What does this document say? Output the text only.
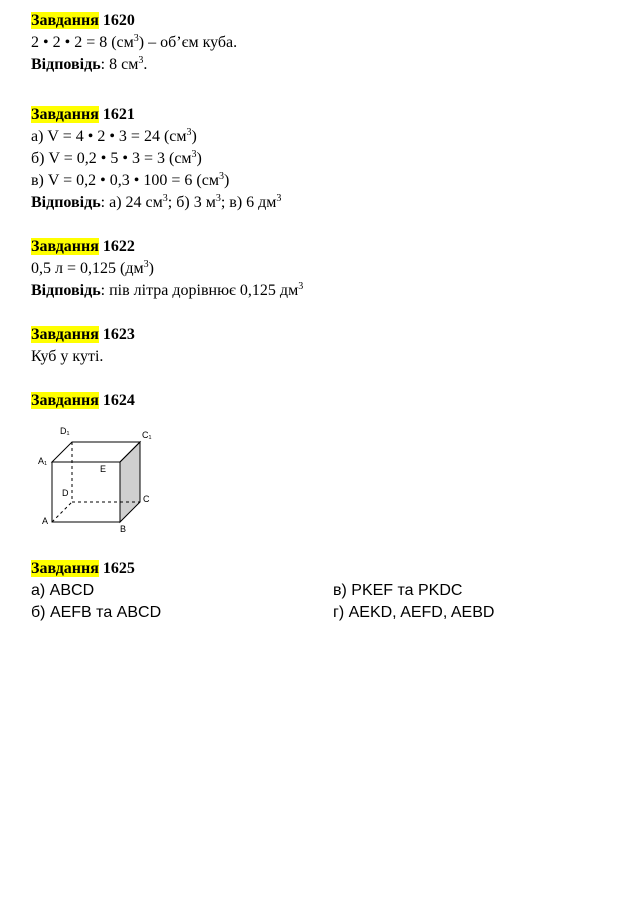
Завдання 1620
2 • 2 • 2 = 8 $(см^3)$ – об’єм куба.
Відповідь: 8 $см^3$.
Завдання 1621
а) V = 4 • 2 • 3 = 24 $(см^3)$
б) V = 0,2 • 5 • 3 = 3 $(см^3)$
в) V = 0,2 • 0,3 • 100 = 6 $(см^3)$
Відповідь: а) 24 $см^3$; б) 3 $м^3$; в) 6 $дм^3$
Завдання 1622
0,5 л = 0,125 $(дм^3)$
Відповідь: пів літра дорівнює 0,125 $дм^3$
Завдання 1623
Куб у куті.
Завдання 1624
D₁	C₁
A₁
E
D
C
A
B
Завдання 1625
а) ABCD
б) AEFB та ABCD
в) PKEF та PKDC
г) AEKD, AEFD, AEBD
